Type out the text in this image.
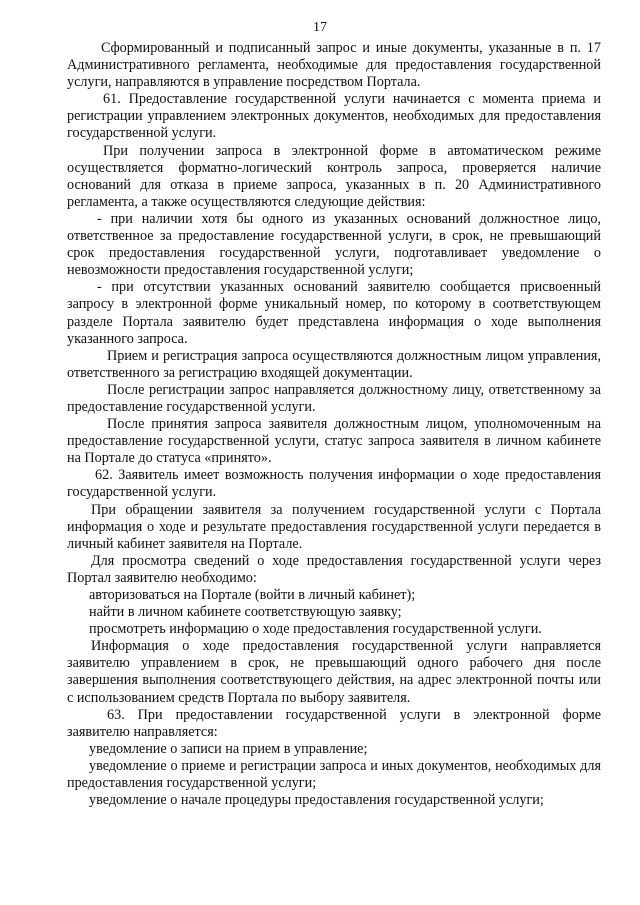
17

Сформированный и подписанный запрос и иные документы, указанные в п. 17 Административного регламента, необходимые для предоставления государственной услуги, направляются в управление посредством Портала.

61. Предоставление государственной услуги начинается с момента приема и регистрации управлением электронных документов, необходимых для предоставления государственной услуги.

При получении запроса в электронной форме в автоматическом режиме осуществляется форматно-логический контроль запроса, проверяется наличие оснований для отказа в приеме запроса, указанных в п. 20 Административного регламента, а также осуществляются следующие действия:

- при наличии хотя бы одного из указанных оснований должностное лицо, ответственное за предоставление государственной услуги, в срок, не превышающий срок предоставления государственной услуги, подготавливает уведомление о невозможности предоставления государственной услуги;

- при отсутствии указанных оснований заявителю сообщается присвоенный запросу в электронной форме уникальный номер, по которому в соответствующем разделе Портала заявителю будет представлена информация о ходе выполнения указанного запроса.

Прием и регистрация запроса осуществляются должностным лицом управления, ответственного за регистрацию входящей документации.

После регистрации запрос направляется должностному лицу, ответственному за предоставление государственной услуги.

После принятия запроса заявителя должностным лицом, уполномоченным на предоставление государственной услуги, статус запроса заявителя в личном кабинете на Портале до статуса «принято».

62. Заявитель имеет возможность получения информации о ходе предоставления государственной услуги.

При обращении заявителя за получением государственной услуги с Портала информация о ходе и результате предоставления государственной услуги передается в личный кабинет заявителя на Портале.

Для просмотра сведений о ходе предоставления государственной услуги через Портал заявителю необходимо:

авторизоваться на Портале (войти в личный кабинет);

найти в личном кабинете соответствующую заявку;

просмотреть информацию о ходе предоставления государственной услуги.

Информация о ходе предоставления государственной услуги направляется заявителю управлением в срок, не превышающий одного рабочего дня после завершения выполнения соответствующего действия, на адрес электронной почты или с использованием средств Портала по выбору заявителя.

63. При предоставлении государственной услуги в электронной форме заявителю направляется:

уведомление о записи на прием в управление;

уведомление о приеме и регистрации запроса и иных документов, необходимых для предоставления государственной услуги;

уведомление о начале процедуры предоставления государственной услуги;
